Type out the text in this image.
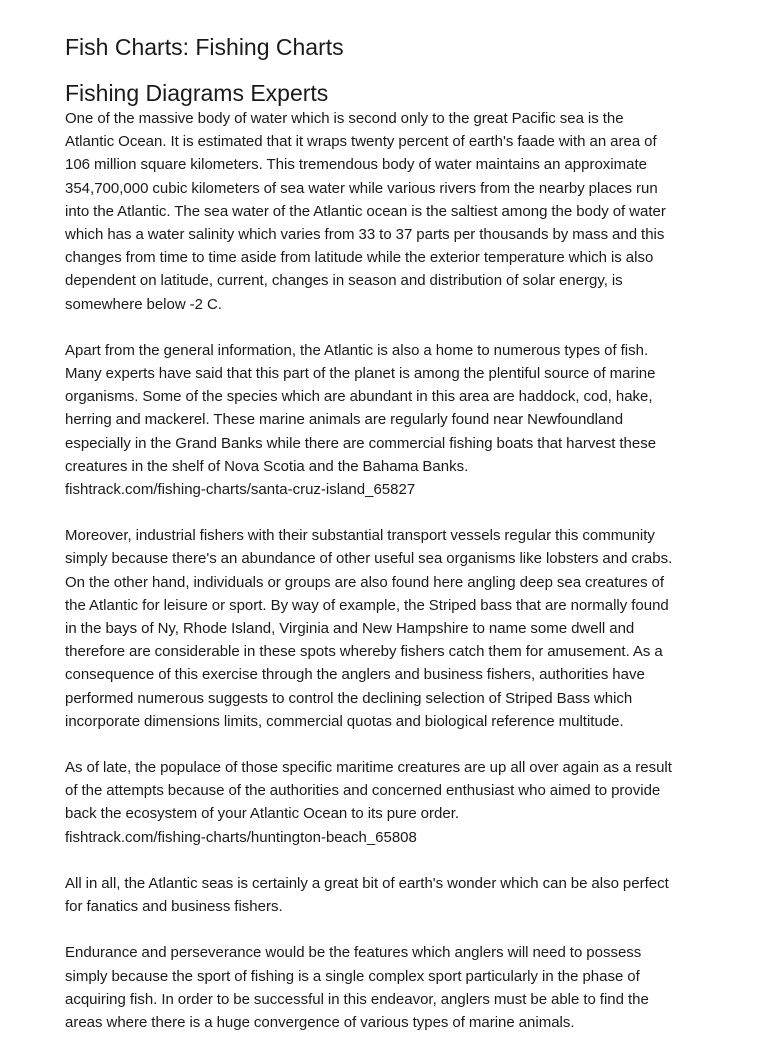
Fish Charts: Fishing Charts
Fishing Diagrams Experts

One of the massive body of water which is second only to the great Pacific sea is the
Atlantic Ocean. It is estimated that it wraps twenty percent of earth's faade with an area of
106 million square kilometers. This tremendous body of water maintains an approximate
354,700,000 cubic kilometers of sea water while various rivers from the nearby places run
into the Atlantic. The sea water of the Atlantic ocean is the saltiest among the body of water
which has a water salinity which varies from 33 to 37 parts per thousands by mass and this
changes from time to time aside from latitude while the exterior temperature which is also
dependent on latitude, current, changes in season and distribution of solar energy, is
somewhere below -2 C.

Apart from the general information, the Atlantic is also a home to numerous types of fish.
Many experts have said that this part of the planet is among the plentiful source of marine
organisms. Some of the species which are abundant in this area are haddock, cod, hake,
herring and mackerel. These marine animals are regularly found near Newfoundland
especially in the Grand Banks while there are commercial fishing boats that harvest these
creatures in the shelf of Nova Scotia and the Bahama Banks.
fishtrack.com/fishing-charts/santa-cruz-island_65827

Moreover, industrial fishers with their substantial transport vessels regular this community
simply because there's an abundance of other useful sea organisms like lobsters and crabs.
On the other hand, individuals or groups are also found here angling deep sea creatures of
the Atlantic for leisure or sport. By way of example, the Striped bass that are normally found
in the bays of Ny, Rhode Island, Virginia and New Hampshire to name some dwell and
therefore are considerable in these spots whereby fishers catch them for amusement. As a
consequence of this exercise through the anglers and business fishers, authorities have
performed numerous suggests to control the declining selection of Striped Bass which
incorporate dimensions limits, commercial quotas and biological reference multitude.

As of late, the populace of those specific maritime creatures are up all over again as a result
of the attempts because of the authorities and concerned enthusiast who aimed to provide
back the ecosystem of your Atlantic Ocean to its pure order.
fishtrack.com/fishing-charts/huntington-beach_65808

All in all, the Atlantic seas is certainly a great bit of earth's wonder which can be also perfect
for fanatics and business fishers.

Endurance and perseverance would be the features which anglers will need to possess
simply because the sport of fishing is a single complex sport particularly in the phase of
acquiring fish. In order to be successful in this endeavor, anglers must be able to find the
areas where there is a huge convergence of various types of marine animals.
